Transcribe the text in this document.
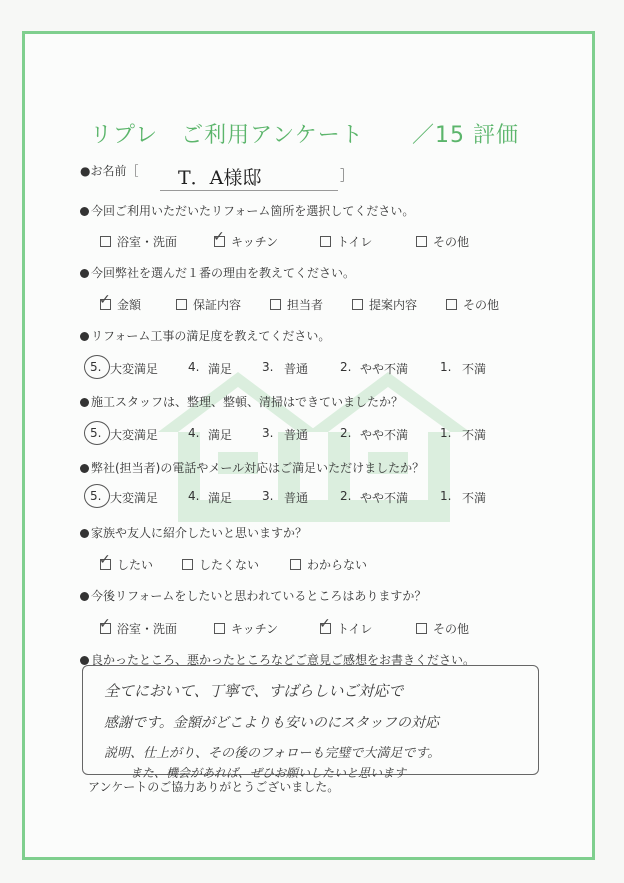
リプレ　ご利用アンケート ／15 評価
●お名前［ T．A様邸	］
今回ご利用いただいたリフォーム箇所を選択してください。
浴室・洗面 ✓	キッチン	トイレ	その他
今回弊社を選んだ１番の理由を教えてください。
✓金額	保証内容	担当者	提案内容	その他
リフォーム工事の満足度を教えてください。
5. 大変満足 4. 満足 3. 普通	2. やや不満	1. 不満
施工スタッフは、整理、整頓、清掃はできていましたか？
5. 大変満足 4. 満足 3. 普通	2. やや不満	1. 不満
弊社(担当者)の電話やメール対応はご満足いただけましたか？
5. 大変満足 4. 満足 3. 普通	2. やや不満	1. 不満
家族や友人に紹介したいと思いますか？
✓したい	したくない	わからない
今後リフォームをしたいと思われているところはありますか？
✓浴室・洗面	キッチン ✓	トイレ	その他
良かったところ、悪かったところなどご意見ご感想をお書きください。
全てにおいて、丁寧で、すばらしいご対応で
感謝です。金額がどこよりも安いのにスタッフの対応
説明、仕上がり、その後のフォローも完璧で大満足です。
また、機会があれば、ぜひお願いしたいと思います
アンケートのご協力ありがとうございました。
